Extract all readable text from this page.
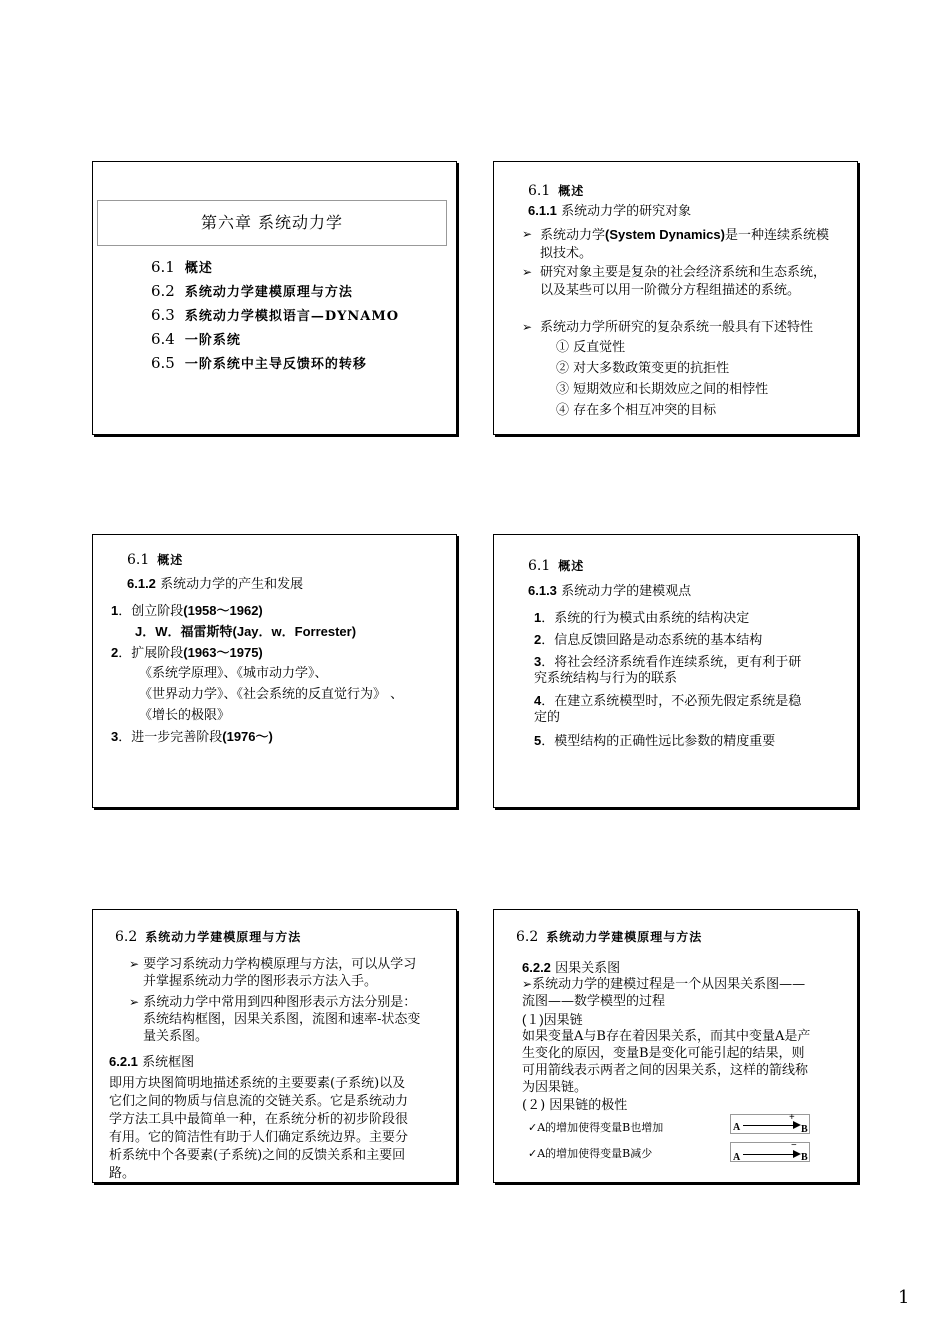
第六章 系统动力学
6.1 概述
6.2 系统动力学建模原理与方法
6.3 系统动力学模拟语言—DYNAMO
6.4 一阶系统
6.5 一阶系统中主导反馈环的转移
6.1 概述
6.1.1 系统动力学的研究对象
➢ 系统动力学(System Dynamics)是一种连续系统模拟技术。
➢ 研究对象主要是复杂的社会经济系统和生态系统，以及某些可以用一阶微分方程组描述的系统。
➢ 系统动力学所研究的复杂系统一般具有下述特性
① 反直觉性
② 对大多数政策变更的抗拒性
③ 短期效应和长期效应之间的相悖性
④ 存在多个相互冲突的目标
6.1 概述
6.1.2 系统动力学的产生和发展
1．创立阶段(1958～1962)
J．W．福雷斯特(Jay．w．Forrester)
2．扩展阶段(1963～1975)
《系统学原理》、《城市动力学》、
《世界动力学》、《社会系统的反直觉行为》 、
《增长的极限》
3．进一步完善阶段(1976～)
6.1 概述
6.1.3 系统动力学的建模观点
1．系统的行为模式由系统的结构决定
2．信息反馈回路是动态系统的基本结构
3．将社会经济系统看作连续系统，更有利于研
究系统结构与行为的联系
4．在建立系统模型时，不必预先假定系统是稳
定的
5．模型结构的正确性远比参数的精度重要
6.2 系统动力学建模原理与方法
➢ 要学习系统动力学构模原理与方法，可以从学习
并掌握系统动力学的图形表示方法入手。
➢ 系统动力学中常用到四种图形表示方法分别是：
系统结构框图，因果关系图，流图和速率-状态变
量关系图。
6.2.1 系统框图
即用方块图简明地描述系统的主要要素(子系统)以及
它们之间的物质与信息流的交链关系。它是系统动力
学方法工具中最简单一种，在系统分析的初步阶段很
有用。它的简洁性有助于人们确定系统边界。主要分
析系统中个各要素(子系统)之间的反馈关系和主要回
路。
6.2 系统动力学建模原理与方法
6.2.2 因果关系图
➢系统动力学的建模过程是一个从因果关系图——
流图——数学模型的过程
(１)因果链
如果变量A与B存在着因果关系，而其中变量A是产
生变化的原因，变量B是变化可能引起的结果，则
可用箭线表示两者之间的因果关系，这样的箭线称
为因果链。
(２) 因果链的极性
✓A的增加使得变量B也增加	A
+
B
✓A的增加使得变量B减少	A
−
B
1
